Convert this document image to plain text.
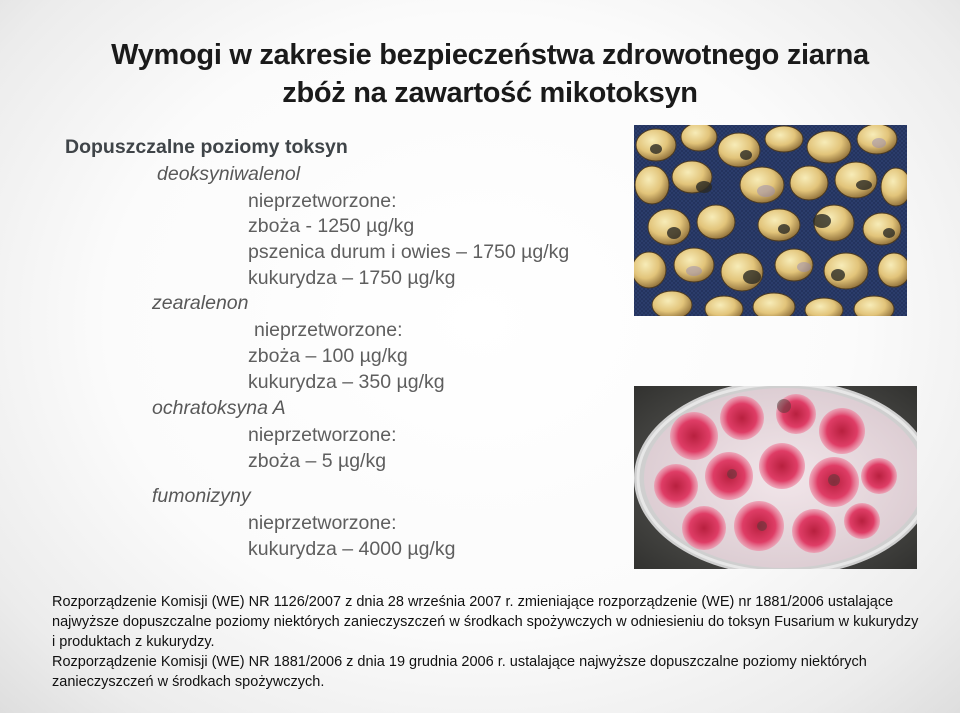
Wymogi w zakresie bezpieczeństwa zdrowotnego ziarna
zbóż na zawartość mikotoksyn
Dopuszczalne poziomy toksyn
deoksyniwalenol
nieprzetworzone:
zboża - 1250 µg/kg
pszenica durum i owies – 1750 µg/kg
kukurydza – 1750 µg/kg
zearalenon
nieprzetworzone:
zboża – 100 µg/kg
kukurydza – 350 µg/kg
ochratoksyna A
nieprzetworzone:
zboża – 5 µg/kg
fumonizyny
nieprzetworzone:
kukurydza – 4000 µg/kg

Rozporządzenie Komisji (WE) NR 1126/2007 z dnia 28 września 2007 r. zmieniające rozporządzenie (WE) nr 1881/2006 ustalające najwyższe dopuszczalne poziomy niektórych zanieczyszczeń w środkach spożywczych w odniesieniu do toksyn Fusarium w kukurydzy i produktach z kukurydzy.

Rozporządzenie Komisji (WE) NR 1881/2006 z dnia 19 grudnia 2006 r. ustalające najwyższe dopuszczalne poziomy niektórych zanieczyszczeń w środkach spożywczych.
